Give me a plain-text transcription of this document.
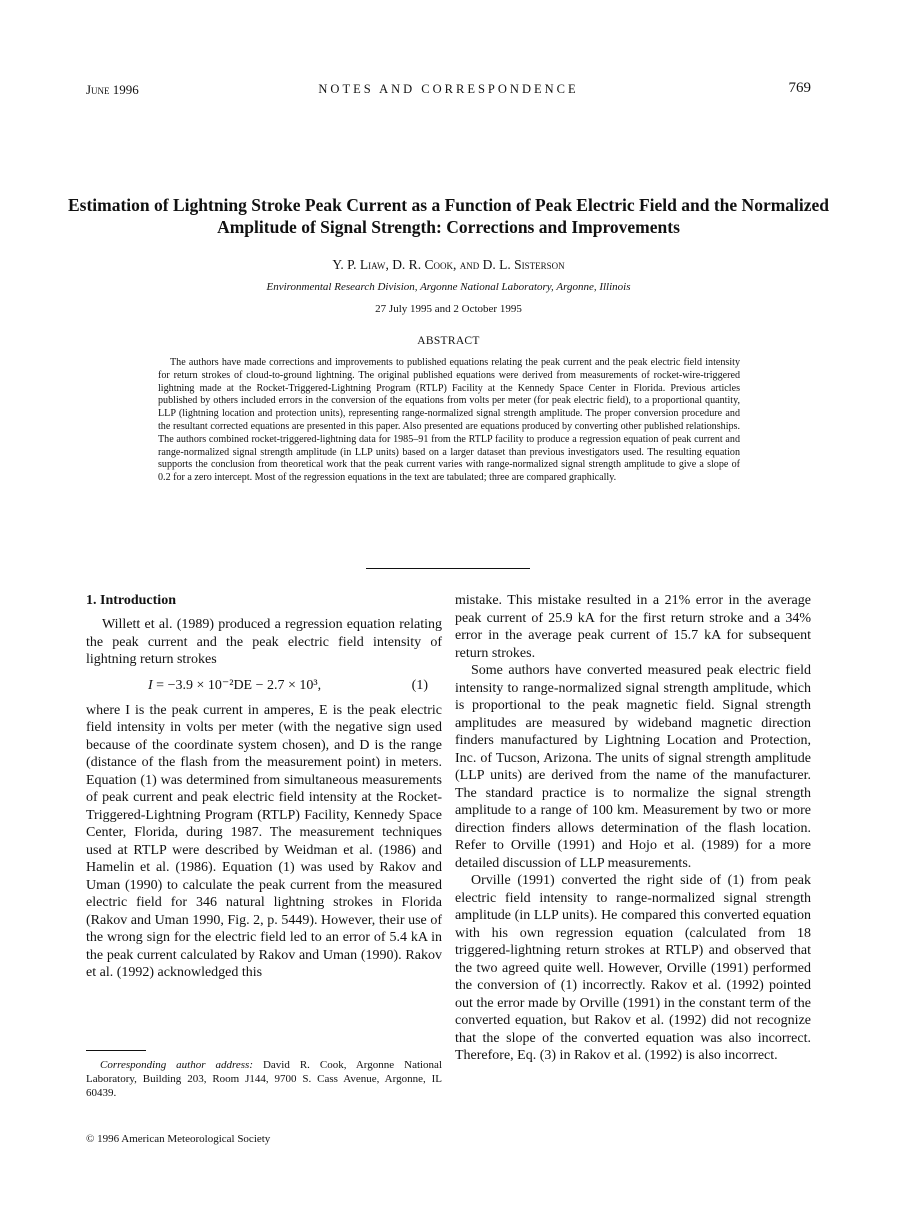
June 1996	NOTES AND CORRESPONDENCE	769
Estimation of Lightning Stroke Peak Current as a Function of Peak Electric Field and the Normalized Amplitude of Signal Strength: Corrections and Improvements
Y. P. Liaw, D. R. Cook, and D. L. Sisterson
Environmental Research Division, Argonne National Laboratory, Argonne, Illinois
27 July 1995 and 2 October 1995
ABSTRACT

The authors have made corrections and improvements to published equations relating the peak current and the peak electric field intensity for return strokes of cloud-to-ground lightning. The original published equations were derived from measurements of rocket-wire-triggered lightning made at the Rocket-Triggered-Lightning Program (RTLP) Facility at the Kennedy Space Center in Florida. Previous articles published by others included errors in the conversion of the equations from volts per meter (for peak electric field), to a proportional quantity, LLP (lightning location and protection units), representing range-normalized signal strength amplitude. The proper conversion procedure and the resultant corrected equations are presented in this paper. Also presented are equations produced by converting other published relationships. The authors combined rocket-triggered-lightning data for 1985–91 from the RTLP facility to produce a regression equation of peak current and range-normalized signal strength amplitude (in LLP units) based on a larger dataset than previous investigators used. The resulting equation supports the conclusion from theoretical work that the peak current varies with range-normalized signal strength amplitude to give a slope of 0.2 for a zero intercept. Most of the regression equations in the text are tabulated; three are compared graphically.

1. Introduction

Willett et al. (1989) produced a regression equation relating the peak current and the peak electric field intensity of lightning return strokes

I = −3.9 × 10⁻²DE − 2.7 × 10³,	(1)

where I is the peak current in amperes, E is the peak electric field intensity in volts per meter (with the negative sign used because of the coordinate system chosen), and D is the range (distance of the flash from the measurement point) in meters. Equation (1) was determined from simultaneous measurements of peak current and peak electric field intensity at the Rocket-Triggered-Lightning Program (RTLP) Facility, Kennedy Space Center, Florida, during 1987. The measurement techniques used at RTLP were described by Weidman et al. (1986) and Hamelin et al. (1986). Equation (1) was used by Rakov and Uman (1990) to calculate the peak current from the measured electric field for 346 natural lightning strokes in Florida (Rakov and Uman 1990, Fig. 2, p. 5449). However, their use of the wrong sign for the electric field led to an error of 5.4 kA in the peak current calculated by Rakov and Uman (1990). Rakov et al. (1992) acknowledged this

mistake. This mistake resulted in a 21% error in the average peak current of 25.9 kA for the first return stroke and a 34% error in the average peak current of 15.7 kA for subsequent return strokes.

Some authors have converted measured peak electric field intensity to range-normalized signal strength amplitude, which is proportional to the peak magnetic field. Signal strength amplitudes are measured by wideband magnetic direction finders manufactured by Lightning Location and Protection, Inc. of Tucson, Arizona. The units of signal strength amplitude (LLP units) are derived from the name of the manufacturer. The standard practice is to normalize the signal strength amplitude to a range of 100 km. Measurement by two or more direction finders allows determination of the flash location. Refer to Orville (1991) and Hojo et al. (1989) for a more detailed discussion of LLP measurements.

Orville (1991) converted the right side of (1) from peak electric field intensity to range-normalized signal strength amplitude (in LLP units). He compared this converted equation with his own regression equation (calculated from 18 triggered-lightning return strokes at RTLP) and observed that the two agreed quite well. However, Orville (1991) performed the conversion of (1) incorrectly. Rakov et al. (1992) pointed out the error made by Orville (1991) in the constant term of the converted equation, but Rakov et al. (1992) did not recognize that the slope of the converted equation was also incorrect. Therefore, Eq. (3) in Rakov et al. (1992) is also incorrect.

Corresponding author address: David R. Cook, Argonne National Laboratory, Building 203, Room J144, 9700 S. Cass Avenue, Argonne, IL 60439.

© 1996 American Meteorological Society
